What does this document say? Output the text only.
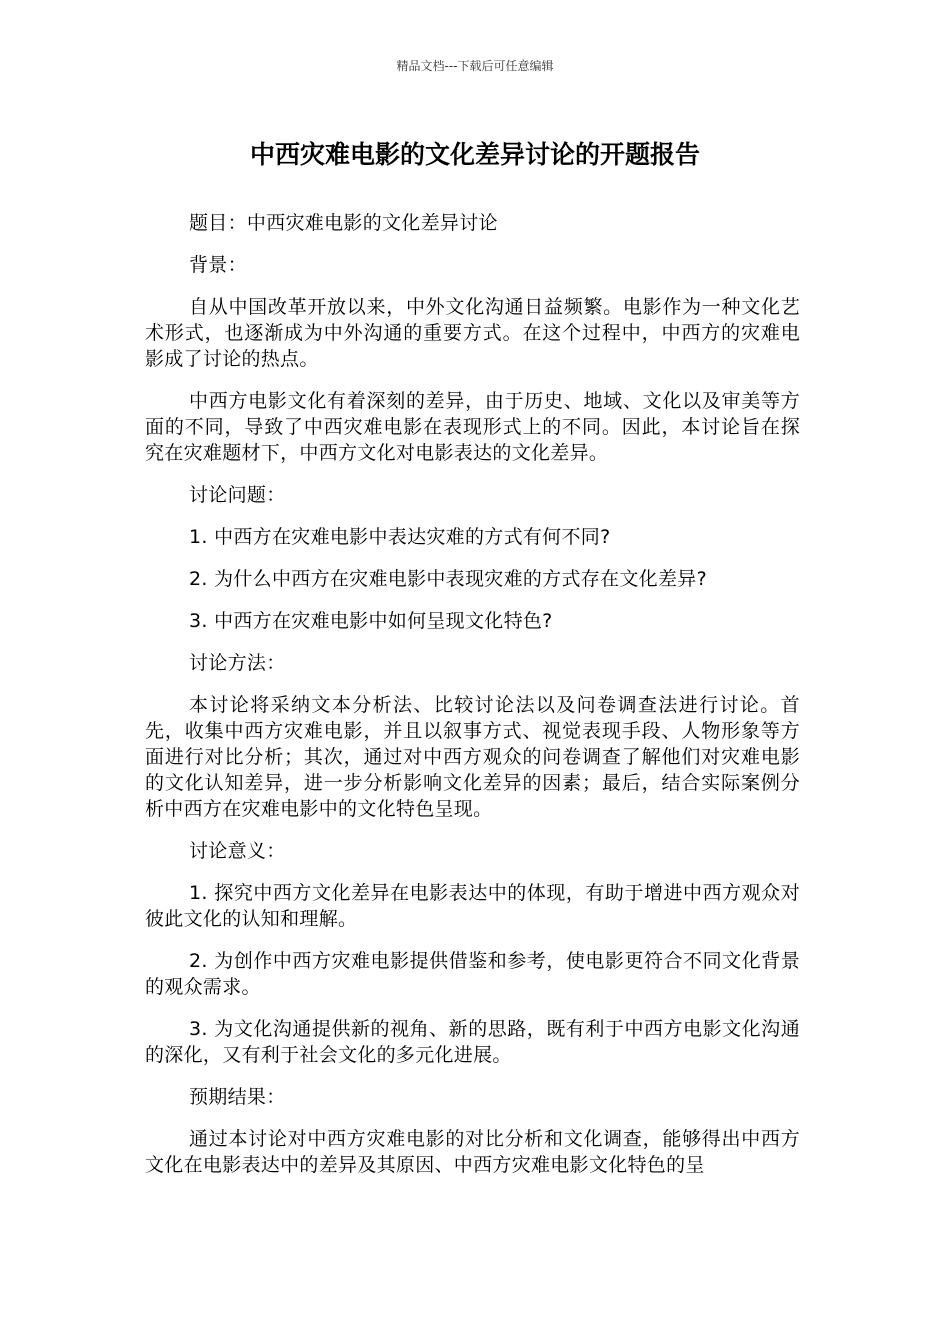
精品文档---下载后可任意编辑
中西灾难电影的文化差异讨论的开题报告

题目：中西灾难电影的文化差异讨论

背景：

自从中国改革开放以来，中外文化沟通日益频繁。电影作为一种文化艺术形式，也逐渐成为中外沟通的重要方式。在这个过程中，中西方的灾难电影成了讨论的热点。

中西方电影文化有着深刻的差异，由于历史、地域、文化以及审美等方面的不同，导致了中西灾难电影在表现形式上的不同。因此，本讨论旨在探究在灾难题材下，中西方文化对电影表达的文化差异。

讨论问题：

1. 中西方在灾难电影中表达灾难的方式有何不同?

2. 为什么中西方在灾难电影中表现灾难的方式存在文化差异?

3. 中西方在灾难电影中如何呈现文化特色?

讨论方法：

本讨论将采纳文本分析法、比较讨论法以及问卷调查法进行讨论。首先，收集中西方灾难电影，并且以叙事方式、视觉表现手段、人物形象等方面进行对比分析；其次，通过对中西方观众的问卷调查了解他们对灾难电影的文化认知差异，进一步分析影响文化差异的因素；最后，结合实际案例分析中西方在灾难电影中的文化特色呈现。

讨论意义：

1. 探究中西方文化差异在电影表达中的体现，有助于增进中西方观众对彼此文化的认知和理解。

2. 为创作中西方灾难电影提供借鉴和参考，使电影更符合不同文化背景的观众需求。

3. 为文化沟通提供新的视角、新的思路，既有利于中西方电影文化沟通的深化，又有利于社会文化的多元化进展。

预期结果：

通过本讨论对中西方灾难电影的对比分析和文化调查，能够得出中西方文化在电影表达中的差异及其原因、中西方灾难电影文化特色的呈
